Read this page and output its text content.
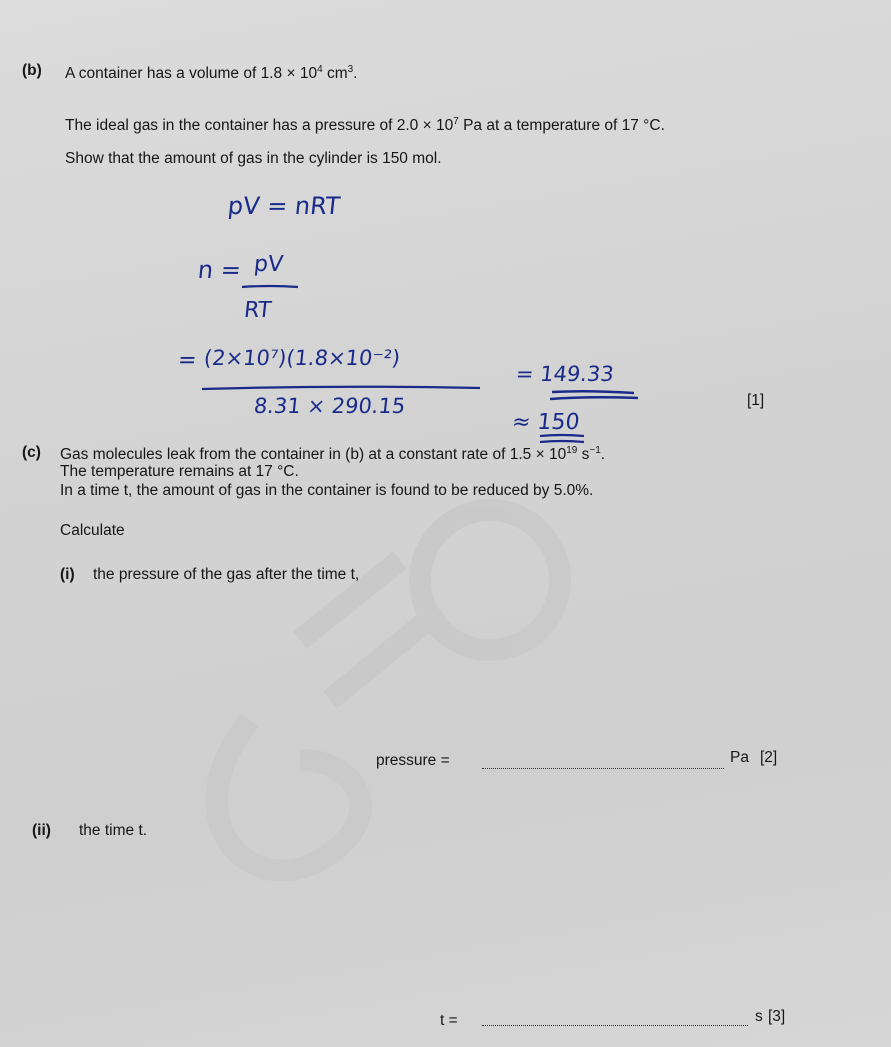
(b) A container has a volume of $1.8 \times 10^4$ $cm^3$.
The ideal gas in the container has a pressure of $2.0 \times 10^7$ Pa at a temperature of 17 °C.
Show that the amount of gas in the cylinder is 150 mol.
pV = nRT
n = pV
RT
= (2×10⁷)(1.8×10⁻²)
8.31 × 290.15
= 149.33
≈ 150
[1]
(c) Gas molecules leak from the container in (b) at a constant rate of $1.5 \times 10^{19}$ $s^{-1}$.
The temperature remains at 17 °C.
In a time t, the amount of gas in the container is found to be reduced by 5.0%.
Calculate
(i) the pressure of the gas after the time t,
pressure =	Pa [2]
(ii) the time t.
t =	s [3]
